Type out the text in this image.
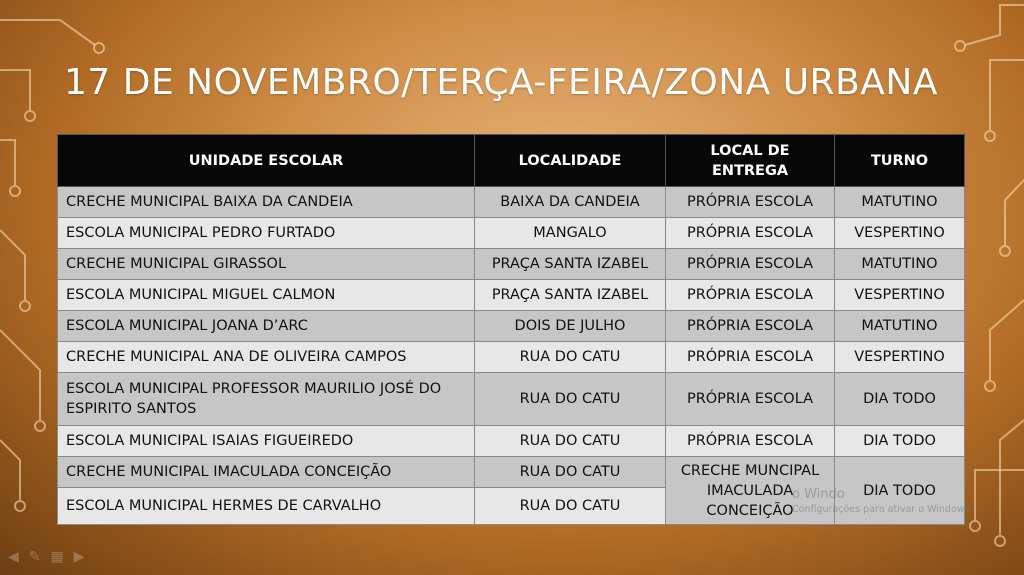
17 DE NOVEMBRO/TERÇA-FEIRA/ZONA URBANA
UNIDADE ESCOLAR	LOCALIDADE	LOCAL DE ENTREGA	TURNO
CRECHE MUNICIPAL BAIXA DA CANDEIA	BAIXA DA CANDEIA	PRÓPRIA ESCOLA	MATUTINO
ESCOLA MUNICIPAL PEDRO FURTADO	MANGALO	PRÓPRIA ESCOLA	VESPERTINO
CRECHE MUNICIPAL GIRASSOL	PRAÇA SANTA IZABEL	PRÓPRIA ESCOLA	MATUTINO
ESCOLA MUNICIPAL MIGUEL CALMON	PRAÇA SANTA IZABEL	PRÓPRIA ESCOLA	VESPERTINO
ESCOLA MUNICIPAL JOANA D’ARC	DOIS DE JULHO	PRÓPRIA ESCOLA	MATUTINO
CRECHE MUNICIPAL ANA DE OLIVEIRA CAMPOS	RUA DO CATU	PRÓPRIA ESCOLA	VESPERTINO
ESCOLA MUNICIPAL PROFESSOR MAURILIO JOSÉ DO ESPIRITO SANTOS	RUA DO CATU	PRÓPRIA ESCOLA	DIA TODO
ESCOLA MUNICIPAL ISAIAS FIGUEIREDO	RUA DO CATU	PRÓPRIA ESCOLA	DIA TODO
CRECHE MUNICIPAL IMACULADA CONCEIÇÃO	RUA DO CATU	CRECHE MUNCIPAL IMACULADA CONCEIÇÃO	DIA TODO
ESCOLA MUNICIPAL HERMES DE CARVALHO	RUA DO CATU		
o Windo
Configurações para ativar o Windows.
◀ ✎ ▦ ▶
